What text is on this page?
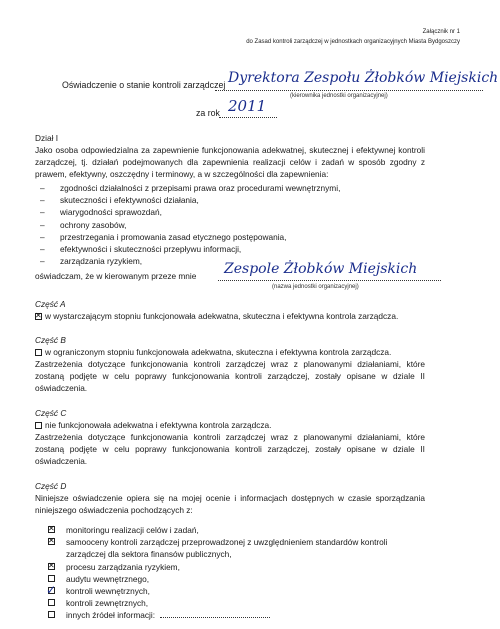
Załącznik nr 1
do Zasad kontroli zarządczej w jednostkach organizacyjnych Miasta Bydgoszczy
Oświadczenie o stanie kontroli zarządczej Dyrektora Zespołu Żłobków Miejskich
(kierownika jednostki organizacyjnej)
za rok 2011
Dział I
Jako osoba odpowiedzialna za zapewnienie funkcjonowania adekwatnej, skutecznej i efektywnej kontroli zarządczej, tj. działań podejmowanych dla zapewnienia realizacji celów i zadań w sposób zgodny z prawem, efektywny, oszczędny i terminowy, a w szczególności dla zapewnienia:
– zgodności działalności z przepisami prawa oraz procedurami wewnętrznymi,
– skuteczności i efektywności działania,
– wiarygodności sprawozdań,
– ochrony zasobów,
– przestrzegania i promowania zasad etycznego postępowania,
– efektywności i skuteczności przepływu informacji,
– zarządzania ryzykiem,
oświadczam, że w kierowanym przeze mnie Zespole Żłobków Miejskich
(nazwa jednostki organizacyjnej)
Część A
✕w wystarczającym stopniu funkcjonowała adekwatna, skuteczna i efektywna kontrola zarządcza.
Część B
w ograniczonym stopniu funkcjonowała adekwatna, skuteczna i efektywna kontrola zarządcza.
Zastrzeżenia dotyczące funkcjonowania kontroli zarządczej wraz z planowanymi działaniami, które zostaną podjęte w celu poprawy funkcjonowania kontroli zarządczej, zostały opisane w dziale II oświadczenia.
Część C
nie funkcjonowała adekwatna i efektywna kontrola zarządcza.
Zastrzeżenia dotyczące funkcjonowania kontroli zarządczej wraz z planowanymi działaniami, które zostaną podjęte w celu poprawy funkcjonowania kontroli zarządczej, zostały opisane w dziale II oświadczenia.
Część D
Niniejsze oświadczenie opiera się na mojej ocenie i informacjach dostępnych w czasie sporządzania niniejszego oświadczenia pochodzących z:
✕
monitoringu realizacji celów i zadań,
✕
samooceny kontroli zarządczej przeprowadzonej z uwzględnieniem standardów kontroli
zarządczej dla sektora finansów publicznych,
✕
procesu zarządzania ryzykiem,
audytu wewnętrznego,
✓ kontroli wewnętrznych,
kontroli zewnętrznych,
innych źródeł informacji:
